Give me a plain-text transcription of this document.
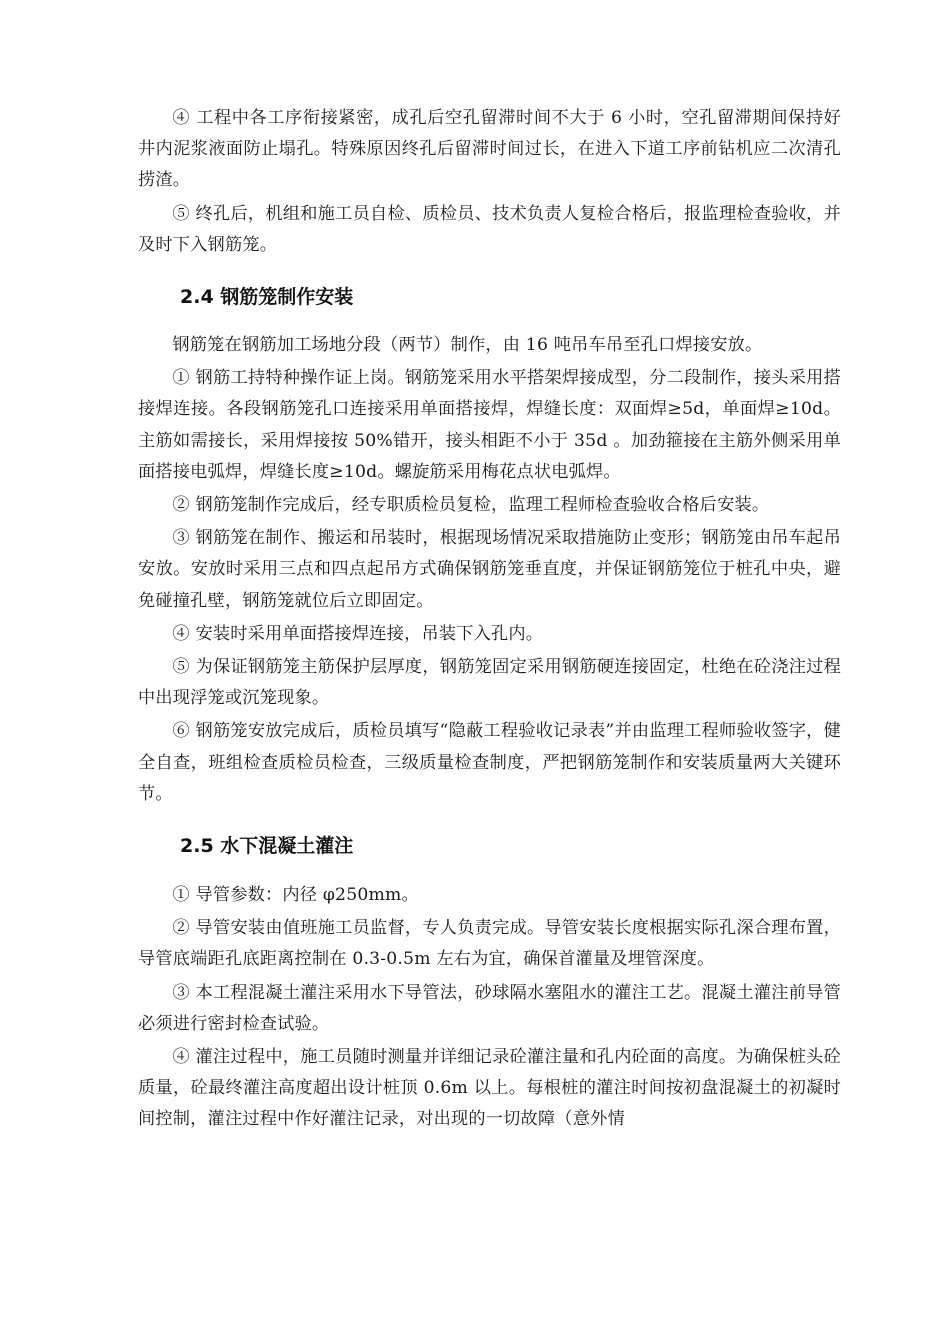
④ 工程中各工序衔接紧密，成孔后空孔留滞时间不大于 6 小时，空孔留滞期间保持好井内泥浆液面防止塌孔。特殊原因终孔后留滞时间过长，在进入下道工序前钻机应二次清孔捞渣。

⑤ 终孔后，机组和施工员自检、质检员、技术负责人复检合格后，报监理检查验收，并及时下入钢筋笼。

2.4 钢筋笼制作安装

钢筋笼在钢筋加工场地分段（两节）制作，由 16 吨吊车吊至孔口焊接安放。

① 钢筋工持特种操作证上岗。钢筋笼采用水平搭架焊接成型，分二段制作，接头采用搭接焊连接。各段钢筋笼孔口连接采用单面搭接焊，焊缝长度：双面焊≥5d，单面焊≥10d。主筋如需接长，采用焊接按 50%错开，接头相距不小于 35d 。加劲箍接在主筋外侧采用单面搭接电弧焊，焊缝长度≥10d。螺旋筋采用梅花点状电弧焊。

② 钢筋笼制作完成后，经专职质检员复检，监理工程师检查验收合格后安装。

③ 钢筋笼在制作、搬运和吊装时，根据现场情况采取措施防止变形；钢筋笼由吊车起吊安放。安放时采用三点和四点起吊方式确保钢筋笼垂直度，并保证钢筋笼位于桩孔中央，避免碰撞孔壁，钢筋笼就位后立即固定。

④ 安装时采用单面搭接焊连接，吊装下入孔内。

⑤ 为保证钢筋笼主筋保护层厚度，钢筋笼固定采用钢筋硬连接固定，杜绝在砼浇注过程中出现浮笼或沉笼现象。

⑥ 钢筋笼安放完成后，质检员填写“隐蔽工程验收记录表”并由监理工程师验收签字，健全自查，班组检查质检员检查，三级质量检查制度，严把钢筋笼制作和安装质量两大关键环节。

2.5 水下混凝土灌注

① 导管参数：内径 φ250mm。

② 导管安装由值班施工员监督，专人负责完成。导管安装长度根据实际孔深合理布置，导管底端距孔底距离控制在 0.3-0.5m 左右为宜，确保首灌量及埋管深度。

③ 本工程混凝土灌注采用水下导管法，砂球隔水塞阻水的灌注工艺。混凝土灌注前导管必须进行密封检查试验。

④ 灌注过程中，施工员随时测量并详细记录砼灌注量和孔内砼面的高度。为确保桩头砼质量，砼最终灌注高度超出设计桩顶 0.6m 以上。每根桩的灌注时间按初盘混凝土的初凝时间控制，灌注过程中作好灌注记录，对出现的一切故障（意外情
